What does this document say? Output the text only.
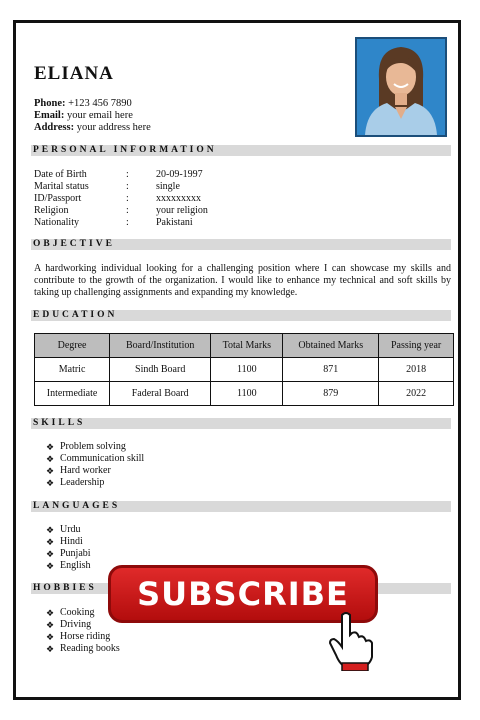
ELIANA
Phone: +123 456 7890
Email: your email here
Address: your address here
PERSONAL INFORMATION
Date of Birth	:	20-09-1997
Marital status	:	single
ID/Passport	:	xxxxxxxxx
Religion	:	your religion
Nationality	:	Pakistani
OBJECTIVE
A hardworking individual looking for a challenging position where I can showcase my skills and contribute to the growth of the organization. I would like to enhance my technical and soft skills by taking up challenging assignments and expanding my knowledge.
EDUCATION
Degree	Board/Institution	Total Marks	Obtained Marks	Passing year
Matric	Sindh Board	1100	871	2018
Intermediate	Faderal Board	1100	879	2022
SKILLS
❖ Problem solving
❖ Communication skill
❖ Hard worker
❖ Leadership
LANGUAGES
❖ Urdu
❖ Hindi
❖ Punjabi
❖ English
HOBBIES
❖ Cooking
❖ Driving
❖ Horse riding
❖ Reading books
SUBSCRIBE
